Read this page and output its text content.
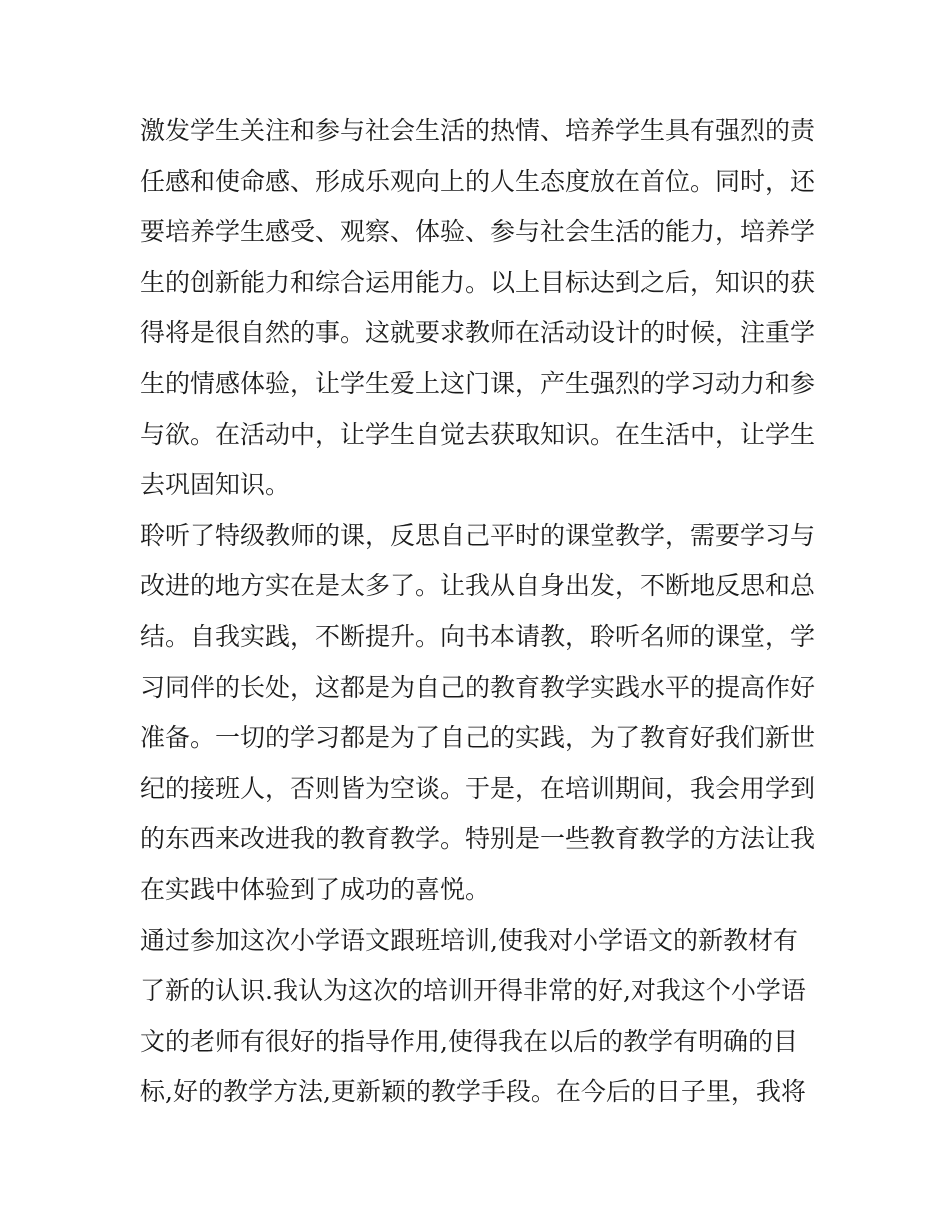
激发学生关注和参与社会生活的热情、培养学生具有强烈的责
任感和使命感、形成乐观向上的人生态度放在首位。同时，还
要培养学生感受、观察、体验、参与社会生活的能力，培养学
生的创新能力和综合运用能力。以上目标达到之后，知识的获
得将是很自然的事。这就要求教师在活动设计的时候，注重学
生的情感体验，让学生爱上这门课，产生强烈的学习动力和参
与欲。在活动中，让学生自觉去获取知识。在生活中，让学生
去巩固知识。
聆听了特级教师的课，反思自己平时的课堂教学，需要学习与
改进的地方实在是太多了。让我从自身出发，不断地反思和总
结。自我实践，不断提升。向书本请教，聆听名师的课堂，学
习同伴的长处，这都是为自己的教育教学实践水平的提高作好
准备。一切的学习都是为了自己的实践，为了教育好我们新世
纪的接班人，否则皆为空谈。于是，在培训期间，我会用学到
的东西来改进我的教育教学。特别是一些教育教学的方法让我
在实践中体验到了成功的喜悦。
通过参加这次小学语文跟班培训,使我对小学语文的新教材有
了新的认识.我认为这次的培训开得非常的好,对我这个小学语
文的老师有很好的指导作用,使得我在以后的教学有明确的目
标,好的教学方法,更新颖的教学手段。在今后的日子里，我将
